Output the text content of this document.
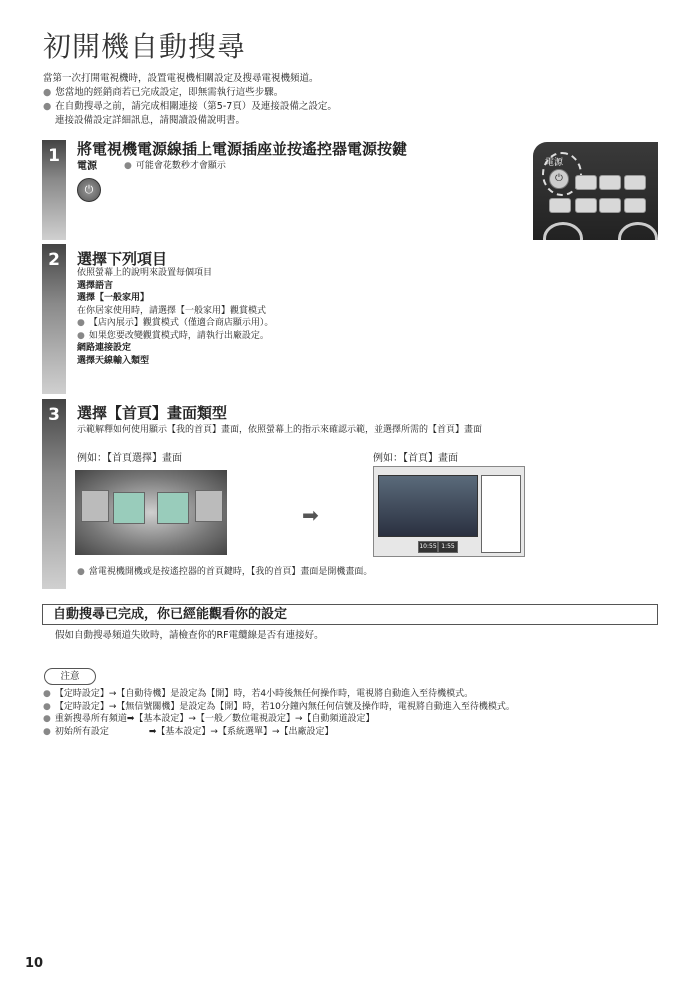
初開機自動搜尋
當第一次打開電視機時，設置電視機相關設定及搜尋電視機頻道。
● 您當地的經銷商若已完成設定，即無需執行這些步驟。
● 在自動搜尋之前，請完成相關連接（第5-7頁）及連接設備之設定。
連接設備設定詳細訊息，請閱讀設備說明書。
1	將電視機電源線插上電源插座並按遙控器電源按鍵
電源	● 可能會花數秒才會顯示
⏻
電源
⏻
2	選擇下列項目
依照螢幕上的說明來設置每個項目
選擇語言
選擇【一般家用】
在你居家使用時，請選擇【一般家用】觀賞模式
● 【店內展示】觀賞模式（僅適合商店顯示用）。
● 如果您要改變觀賞模式時，請執行出廠設定。
網路連接設定
選擇天線輸入類型
3	選擇【首頁】畫面類型
示範解釋如何使用顯示【我的首頁】畫面，依照螢幕上的指示來確認示範，並選擇所需的【首頁】畫面
例如：【首頁選擇】畫面	例如：【首頁】畫面
➡
10:55 1:55
● 當電視機開機或是按遙控器的首頁鍵時，【我的首頁】畫面是開機畫面。
自動搜尋已完成，你已經能觀看你的設定
假如自動搜尋頻道失敗時，請檢查你的RF電纜線是否有連接好。
注意
● 【定時設定】→【自動待機】是設定為【開】時，若4小時後無任何操作時，電視將自動進入至待機模式。
● 【定時設定】→【無信號關機】是設定為【開】時，若10分鐘內無任何信號及操作時，電視將自動進入至待機模式。
● 重新搜尋所有頻道➡【基本設定】→【一般／數位電視設定】→【自動頻道設定】
● 初始所有設定	➡【基本設定】→【系統選單】→【出廠設定】
10
